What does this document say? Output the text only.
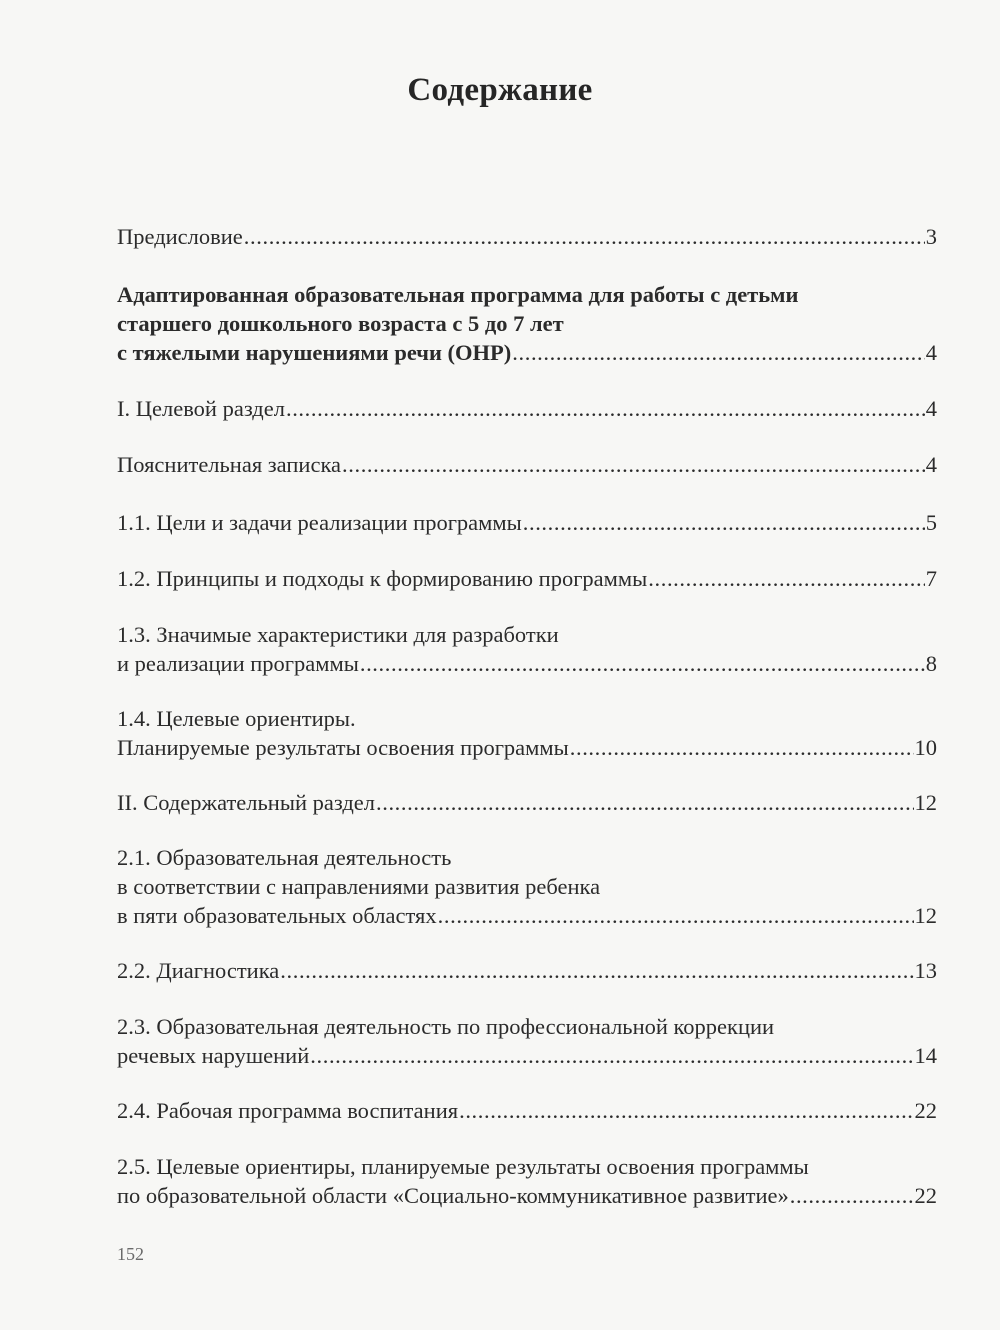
Содержание
Предисловие .....	3
Адаптированная образовательная программа для работы с детьми
старшего дошкольного возраста с 5 до 7 лет
с тяжелыми нарушениями речи (ОНР) .....	4
I. Целевой раздел .....	4
Пояснительная записка .....	4
1.1. Цели и задачи реализации программы .....	5
1.2. Принципы и подходы к формированию программы .....	7
1.3. Значимые характеристики для разработки
и реализации программы .....	8
1.4. Целевые ориентиры.
Планируемые результаты освоения программы .....	10
II. Содержательный раздел .....	12
2.1. Образовательная деятельность
в соответствии с направлениями развития ребенка
в пяти образовательных областях .....	12
2.2. Диагностика .....	13
2.3. Образовательная деятельность по профессиональной коррекции
речевых нарушений .....	14
2.4. Рабочая программа воспитания .....	22
2.5. Целевые ориентиры, планируемые результаты освоения программы
по образовательной области «Социально-коммуникативное развитие» .....	22
152
